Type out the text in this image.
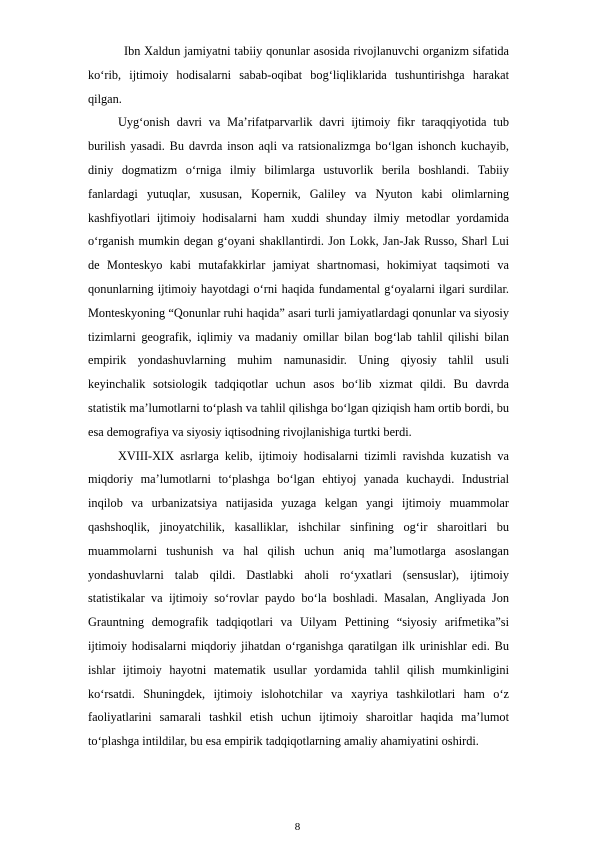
Ibn Xaldun jamiyatni tabiiy qonunlar asosida rivojlanuvchi organizm sifatida ko‘rib, ijtimoiy hodisalarni sabab-oqibat bog‘liqliklarida tushuntirishga harakat qilgan.

Uyg‘onish davri va Ma’rifatparvarlik davri ijtimoiy fikr taraqqiyotida tub burilish yasadi. Bu davrda inson aqli va ratsionalizmga bo‘lgan ishonch kuchayib, diniy dogmatizm o‘rniga ilmiy bilimlarga ustuvorlik berila boshlandi. Tabiiy fanlardagi yutuqlar, xususan, Kopernik, Galiley va Nyuton kabi olimlarning kashfiyotlari ijtimoiy hodisalarni ham xuddi shunday ilmiy metodlar yordamida o‘rganish mumkin degan g‘oyani shakllantirdi. Jon Lokk, Jan-Jak Russo, Sharl Lui de Monteskyo kabi mutafakkirlar jamiyat shartnomasi, hokimiyat taqsimoti va qonunlarning ijtimoiy hayotdagi o‘rni haqida fundamental g‘oyalarni ilgari surdilar. Monteskyoning “Qonunlar ruhi haqida” asari turli jamiyatlardagi qonunlar va siyosiy tizimlarni geografik, iqlimiy va madaniy omillar bilan bog‘lab tahlil qilishi bilan empirik yondashuvlarning muhim namunasidir. Uning qiyosiy tahlil usuli keyinchalik sotsiologik tadqiqotlar uchun asos bo‘lib xizmat qildi. Bu davrda statistik ma’lumotlarni to‘plash va tahlil qilishga bo‘lgan qiziqish ham ortib bordi, bu esa demografiya va siyosiy iqtisodning rivojlanishiga turtki berdi.

XVIII-XIX asrlarga kelib, ijtimoiy hodisalarni tizimli ravishda kuzatish va miqdoriy ma’lumotlarni to‘plashga bo‘lgan ehtiyoj yanada kuchaydi. Industrial inqilob va urbanizatsiya natijasida yuzaga kelgan yangi ijtimoiy muammolar qashshoqlik, jinoyatchilik, kasalliklar, ishchilar sinfining og‘ir sharoitlari bu muammolarni tushunish va hal qilish uchun aniq ma’lumotlarga asoslangan yondashuvlarni talab qildi. Dastlabki aholi ro‘yxatlari (sensuslar), ijtimoiy statistikalar va ijtimoiy so‘rovlar paydo bo‘la boshladi. Masalan, Angliyada Jon Grauntning demografik tadqiqotlari va Uilyam Pettining “siyosiy arifmetika”si ijtimoiy hodisalarni miqdoriy jihatdan o‘rganishga qaratilgan ilk urinishlar edi. Bu ishlar ijtimoiy hayotni matematik usullar yordamida tahlil qilish mumkinligini ko‘rsatdi. Shuningdek, ijtimoiy islohotchilar va xayriya tashkilotlari ham o‘z faoliyatlarini samarali tashkil etish uchun ijtimoiy sharoitlar haqida ma’lumot to‘plashga intildilar, bu esa empirik tadqiqotlarning amaliy ahamiyatini oshirdi.

8
